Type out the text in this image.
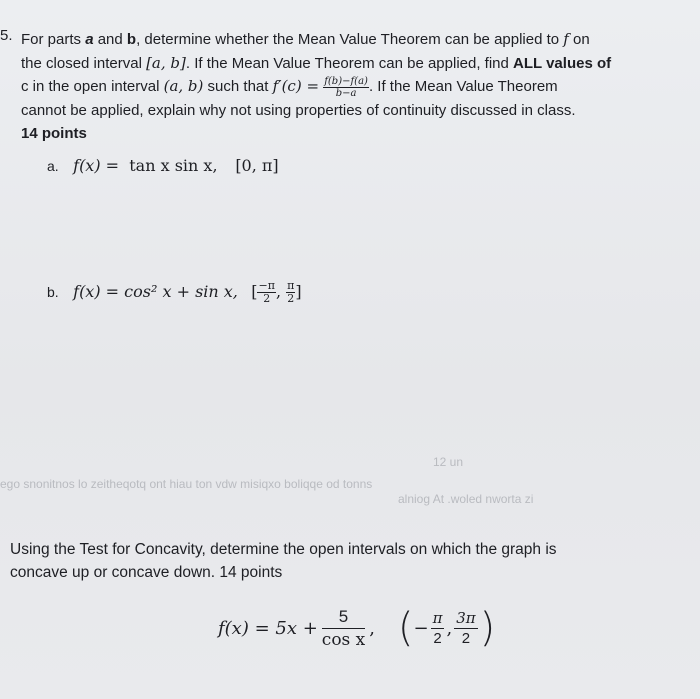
ego snonitnos lo zeitheqotq ont hiau ton vdw misiqxo boliqqe od tonns
alniog At .woled nworta zi
12 un
5. For parts a and b, determine whether the Mean Value Theorem can be applied to f on
the closed interval [a, b]. If the Mean Value Theorem can be applied, find ALL values of
c in the open interval (a, b) such that $f'(c) = \frac{f(b)-f(a)}{b-a}$ . If the Mean Value Theorem
cannot be applied, explain why not using properties of continuity discussed in class.
14 points
a. f(x) = tan x sin x, [0, π]
b. f(x) = cos² x + sin x, [ $\frac{-\pi}{2}$ , $\frac{\pi}{2}$ ]
Using the Test for Concavity, determine the open intervals on which the graph is
concave up or concave down. 14 points
$f(x) = 5x + \frac{5}{\text{cos x}}$ ,
( − $\frac{\pi}{2}$ , $\frac{3\pi}{2}$ )
